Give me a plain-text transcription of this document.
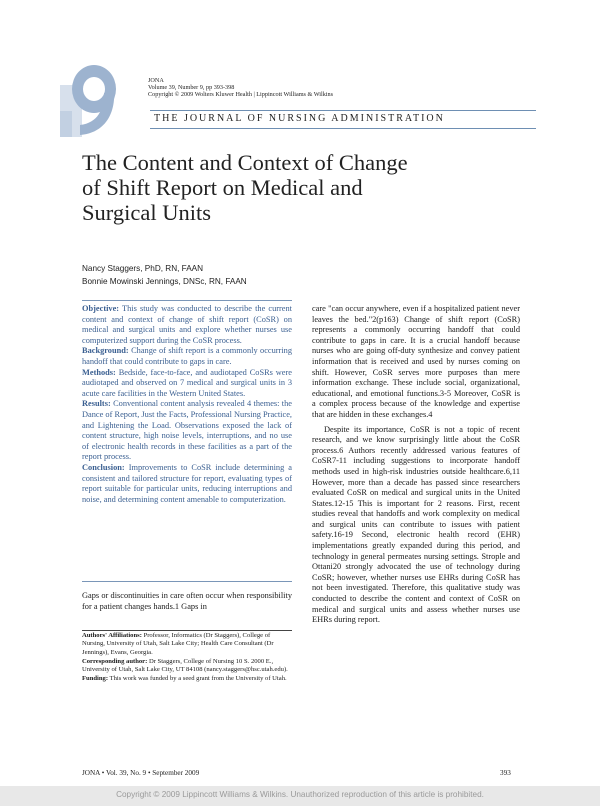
JONA
Volume 39, Number 9, pp 393-398
Copyright © 2009 Wolters Kluwer Health | Lippincott Williams & Wilkins
THE JOURNAL OF NURSING ADMINISTRATION
The Content and Context of Change of Shift Report on Medical and Surgical Units
Nancy Staggers, PhD, RN, FAAN
Bonnie Mowinski Jennings, DNSc, RN, FAAN

Objective: This study was conducted to describe the current content and context of change of shift report (CoSR) on medical and surgical units and explore whether nurses use computerized support during the CoSR process.

Background: Change of shift report is a commonly occurring handoff that could contribute to gaps in care.

Methods: Bedside, face-to-face, and audiotaped CoSRs were audiotaped and observed on 7 medical and surgical units in 3 acute care facilities in the Western United States.

Results: Conventional content analysis revealed 4 themes: the Dance of Report, Just the Facts, Professional Nursing Practice, and Lightening the Load. Observations exposed the lack of content structure, high noise levels, interruptions, and no use of electronic health records in these facilities as a part of the report process.

Conclusion: Improvements to CoSR include determining a consistent and tailored structure for report, evaluating types of report suitable for particular units, reducing interruptions and noise, and determining content amenable to computerization.

Gaps or discontinuities in care often occur when responsibility for a patient changes hands.1 Gaps in

Authors' Affiliations: Professor, Informatics (Dr Staggers), College of Nursing, University of Utah, Salt Lake City; Health Care Consultant (Dr Jennings), Evans, Georgia.

Corresponding author: Dr Staggers, College of Nursing 10 S. 2000 E., University of Utah, Salt Lake City, UT 84108 (nancy.staggers@hsc.utah.edu).

Funding: This work was funded by a seed grant from the University of Utah.

care "can occur anywhere, even if a hospitalized patient never leaves the bed."2(p163) Change of shift report (CoSR) represents a commonly occurring handoff that could contribute to gaps in care. It is a crucial handoff because nurses who are going off-duty synthesize and convey patient information that is received and used by nurses coming on shift. However, CoSR serves more purposes than mere information exchange. These include social, organizational, educational, and emotional functions.3-5 Moreover, CoSR is a complex process because of the knowledge and expertise that are hidden in these exchanges.4

Despite its importance, CoSR is not a topic of recent research, and we know surprisingly little about the CoSR process.6 Authors recently addressed various features of CoSR7-11 including suggestions to incorporate handoff methods used in high-risk industries outside healthcare.6,11 However, more than a decade has passed since researchers evaluated CoSR on medical and surgical units in the United States.12-15 This is important for 2 reasons. First, recent studies reveal that handoffs and work complexity on medical and surgical units can contribute to issues with patient safety.16-19 Second, electronic health record (EHR) implementations greatly expanded during this period, and technology in general permeates nursing settings. Strople and Ottani20 strongly advocated the use of technology during CoSR; however, whether nurses use EHRs during CoSR has not been investigated. Therefore, this qualitative study was conducted to describe the content and context of CoSR on medical and surgical units and assess whether nurses use EHRs during report.

JONA • Vol. 39, No. 9 • September 2009	393
Copyright © 2009 Lippincott Williams & Wilkins. Unauthorized reproduction of this article is prohibited.
